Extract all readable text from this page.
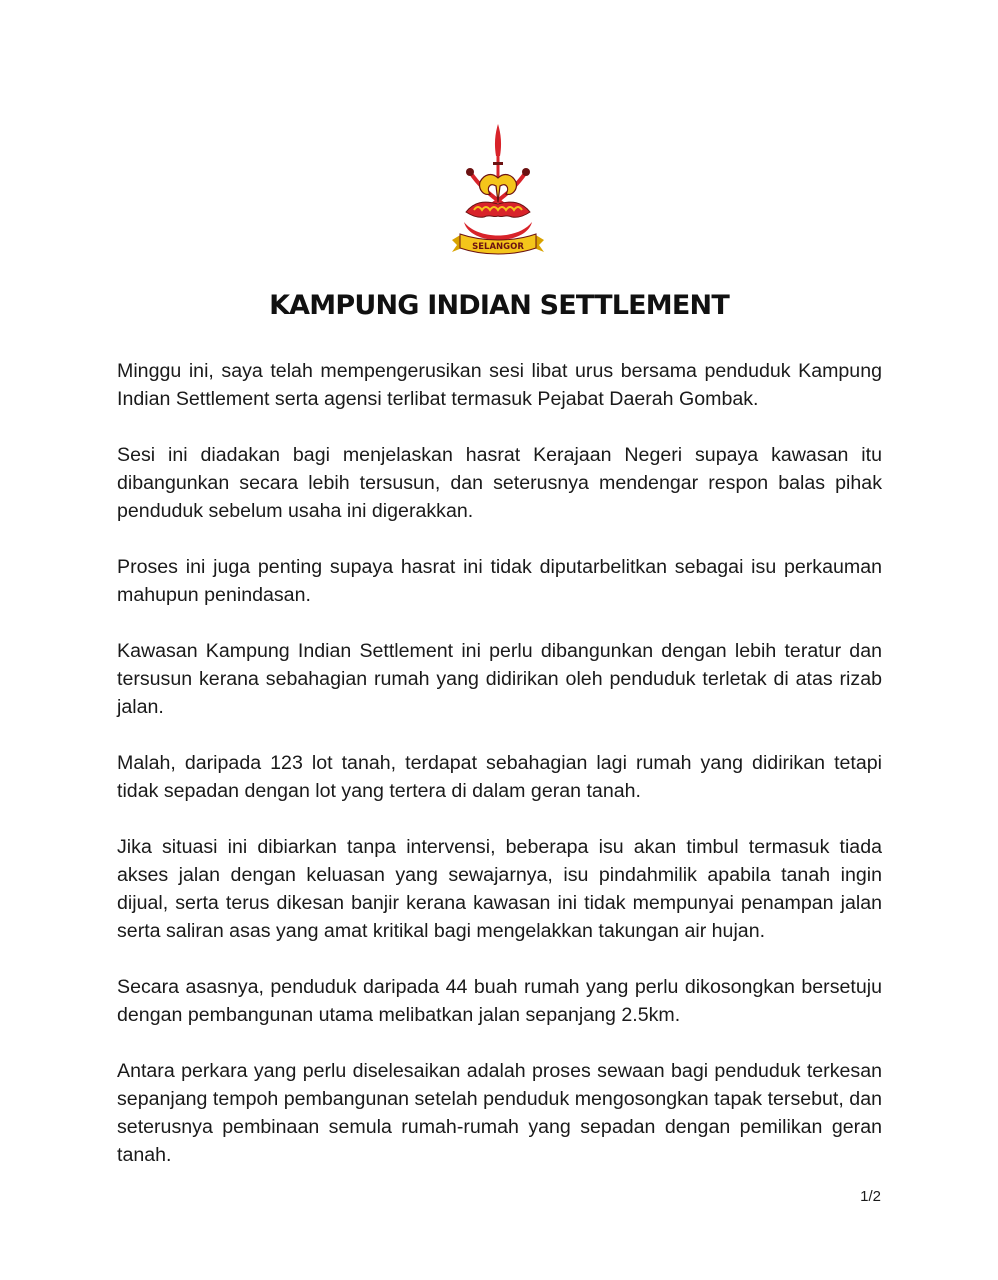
SELANGOR
KAMPUNG INDIAN SETTLEMENT

Minggu ini, saya telah mempengerusikan sesi libat urus bersama penduduk Kampung Indian Settlement serta agensi terlibat termasuk Pejabat Daerah Gombak.

Sesi ini diadakan bagi menjelaskan hasrat Kerajaan Negeri supaya kawasan itu dibangunkan secara lebih tersusun, dan seterusnya mendengar respon balas pihak penduduk sebelum usaha ini digerakkan.

Proses ini juga penting supaya hasrat ini tidak diputarbelitkan sebagai isu perkauman mahupun penindasan.

Kawasan Kampung Indian Settlement ini perlu dibangunkan dengan lebih teratur dan tersusun kerana sebahagian rumah yang didirikan oleh penduduk terletak di atas rizab jalan.

Malah, daripada 123 lot tanah, terdapat sebahagian lagi rumah yang didirikan tetapi tidak sepadan dengan lot yang tertera di dalam geran tanah.

Jika situasi ini dibiarkan tanpa intervensi, beberapa isu akan timbul termasuk tiada akses jalan dengan keluasan yang sewajarnya, isu pindahmilik apabila tanah ingin dijual, serta terus dikesan banjir kerana kawasan ini tidak mempunyai penampan jalan serta saliran asas yang amat kritikal bagi mengelakkan takungan air hujan.

Secara asasnya, penduduk daripada 44 buah rumah yang perlu dikosongkan bersetuju dengan pembangunan utama melibatkan jalan sepanjang 2.5km.

Antara perkara yang perlu diselesaikan adalah proses sewaan bagi penduduk terkesan sepanjang tempoh pembangunan setelah penduduk mengosongkan tapak tersebut, dan seterusnya pembinaan semula rumah-rumah yang sepadan dengan pemilikan geran tanah.

1/2
